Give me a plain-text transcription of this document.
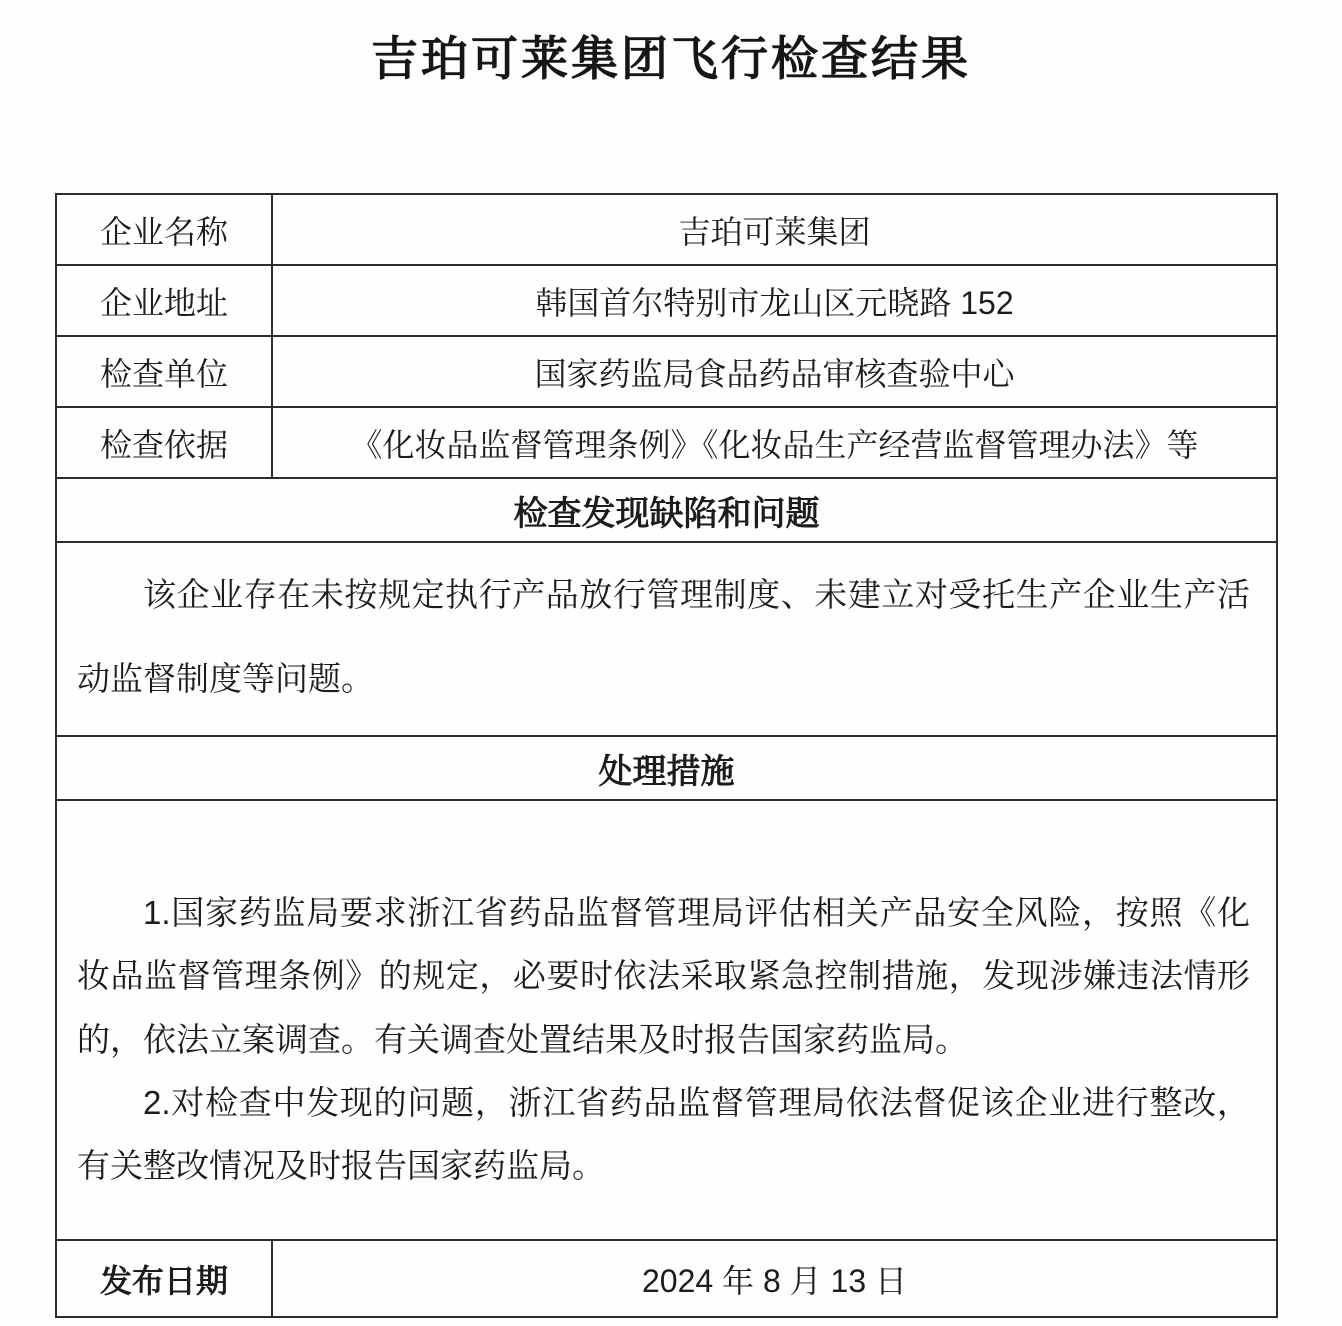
吉珀可莱集团飞行检查结果
企业名称	吉珀可莱集团
企业地址	韩国首尔特别市龙山区元晓路 152
检查单位	国家药监局食品药品审核查验中心
检查依据	《化妆品监督管理条例》《化妆品生产经营监督管理办法》等
检查发现缺陷和问题	

该企业存在未按规定执行产品放行管理制度、未建立对受托生产企业生产活动监督制度等问题。	

处理措施	

1.国家药监局要求浙江省药品监督管理局评估相关产品安全风险，按照《化妆品监督管理条例》的规定，必要时依法采取紧急控制措施，发现涉嫌违法情形的，依法立案调查。有关调查处置结果及时报告国家药监局。

2.对检查中发现的问题，浙江省药品监督管理局依法督促该企业进行整改，有关整改情况及时报告国家药监局。	

发布日期	2024 年 8 月 13 日
